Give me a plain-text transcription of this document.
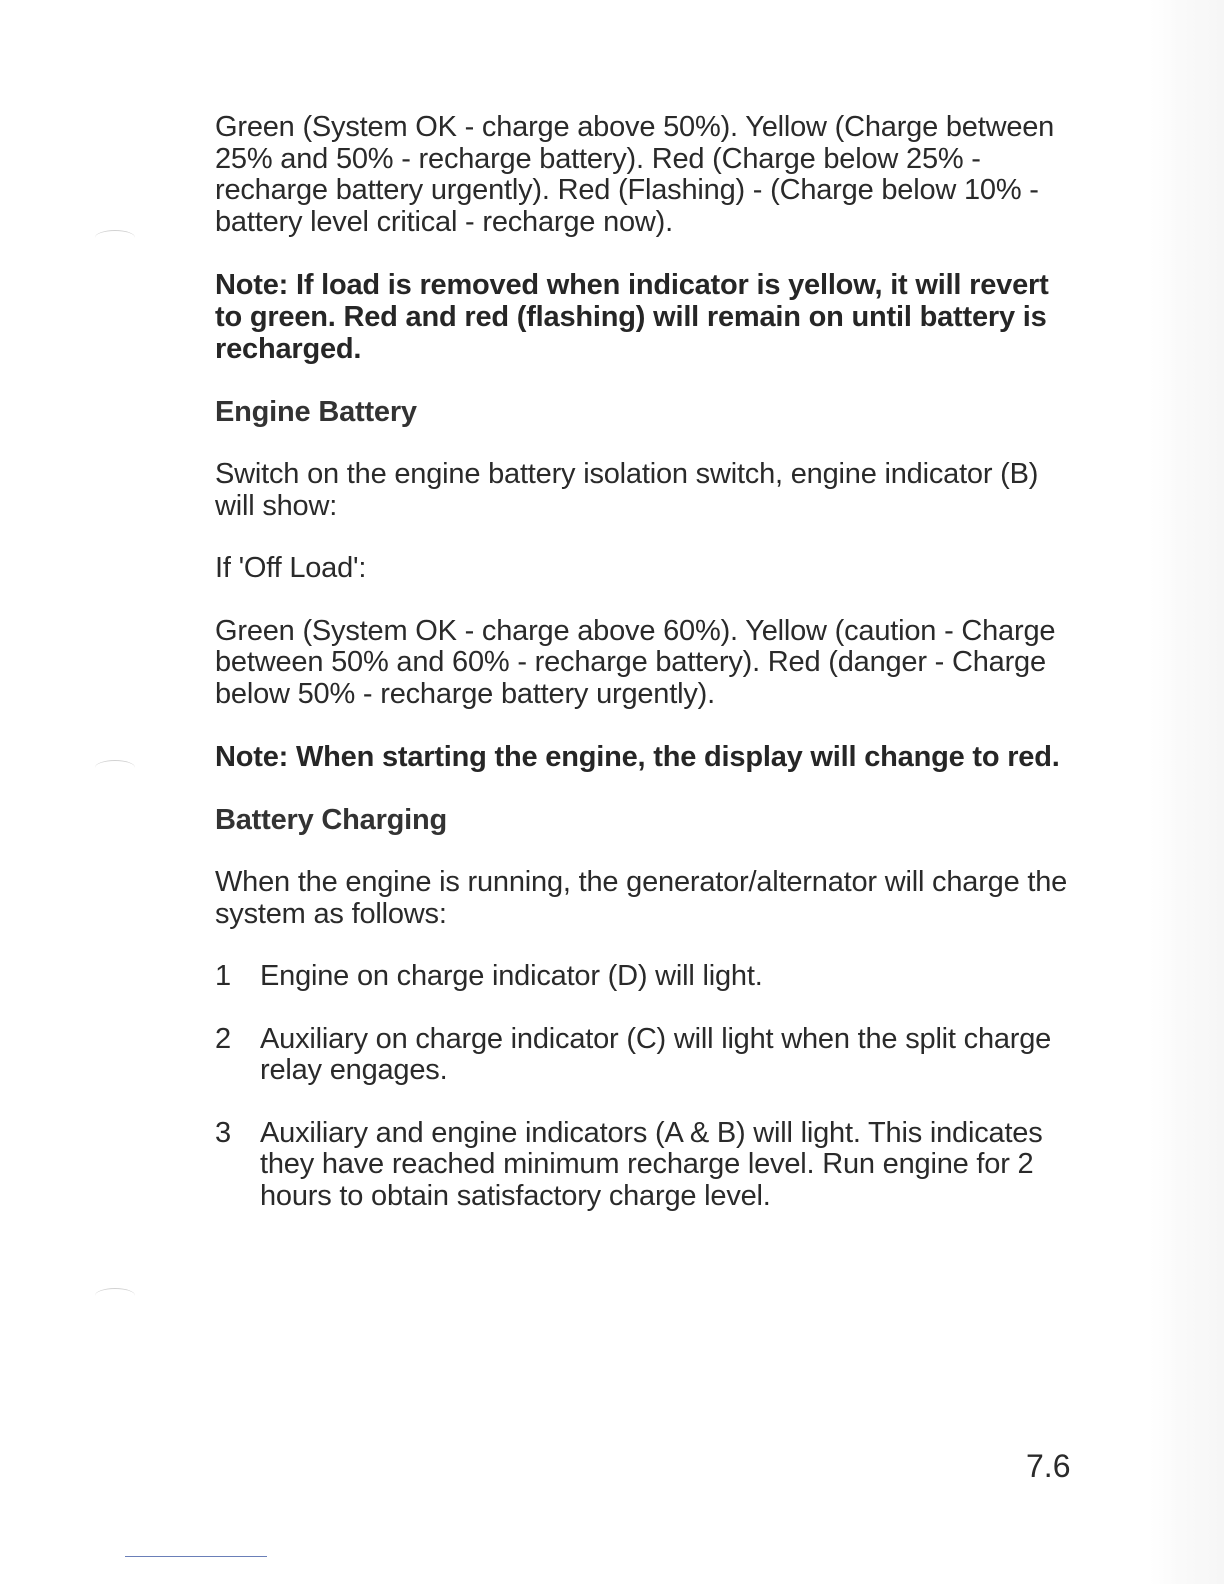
Green (System OK - charge above 50%). Yellow (Charge between 25% and 50% - recharge battery). Red (Charge below 25% - recharge battery urgently). Red (Flashing) - (Charge below 10% - battery level critical - recharge now).

Note: If load is removed when indicator is yellow, it will revert to green. Red and red (flashing) will remain on until battery is recharged.

Engine Battery

Switch on the engine battery isolation switch, engine indicator (B) will show:

If 'Off Load':

Green (System OK - charge above 60%). Yellow (caution - Charge between 50% and 60% - recharge battery). Red (danger - Charge below 50% - recharge battery urgently).

Note: When starting the engine, the display will change to red.

Battery Charging

When the engine is running, the generator/alternator will charge the system as follows:

1	Engine on charge indicator (D) will light.
2	Auxiliary on charge indicator (C) will light when the split charge relay engages.
3	Auxiliary and engine indicators (A & B) will light. This indicates they have reached minimum recharge level. Run engine for 2 hours to obtain satisfactory charge level.
7.6
